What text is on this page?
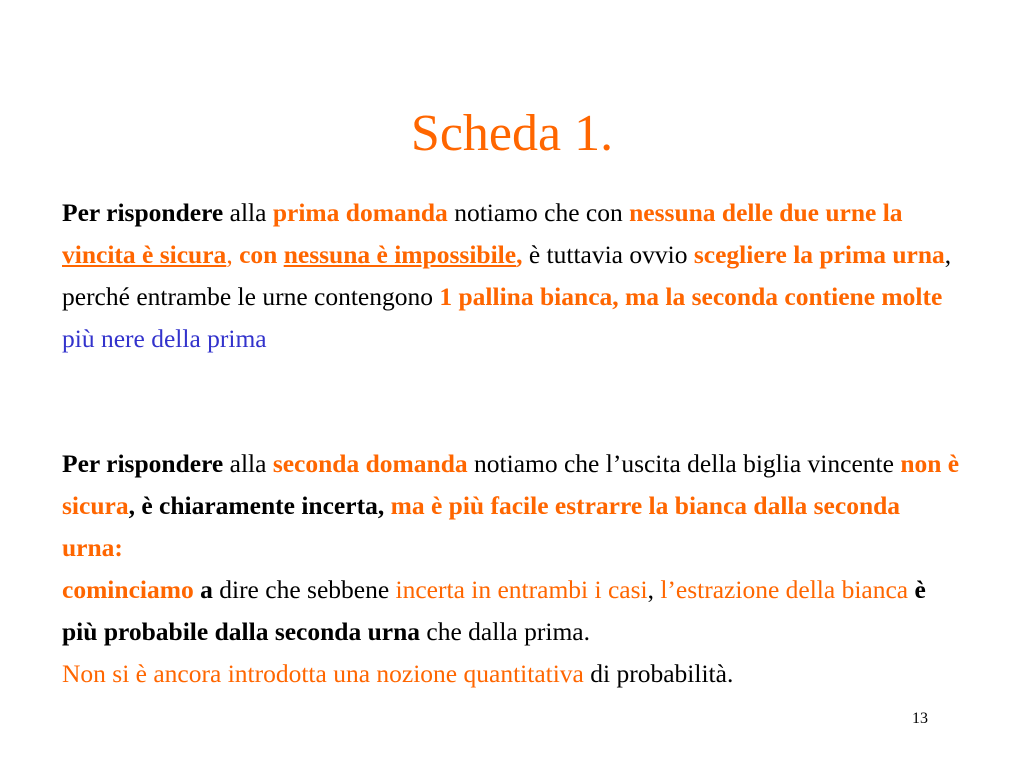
Scheda 1.

Per rispondere alla prima domanda notiamo che con nessuna delle due urne la vincita è sicura, con nessuna è impossibile, è tuttavia ovvio scegliere la prima urna, perché entrambe le urne contengono 1 pallina bianca, ma la seconda contiene molte più nere della prima

Per rispondere alla seconda domanda notiamo che l’uscita della biglia vincente non è sicura, è chiaramente incerta, ma è più facile estrarre la bianca dalla seconda urna:
cominciamo a dire che sebbene incerta in entrambi i casi, l’estrazione della bianca è più probabile dalla seconda urna che dalla prima.
Non si è ancora introdotta una nozione quantitativa di probabilità.

13
